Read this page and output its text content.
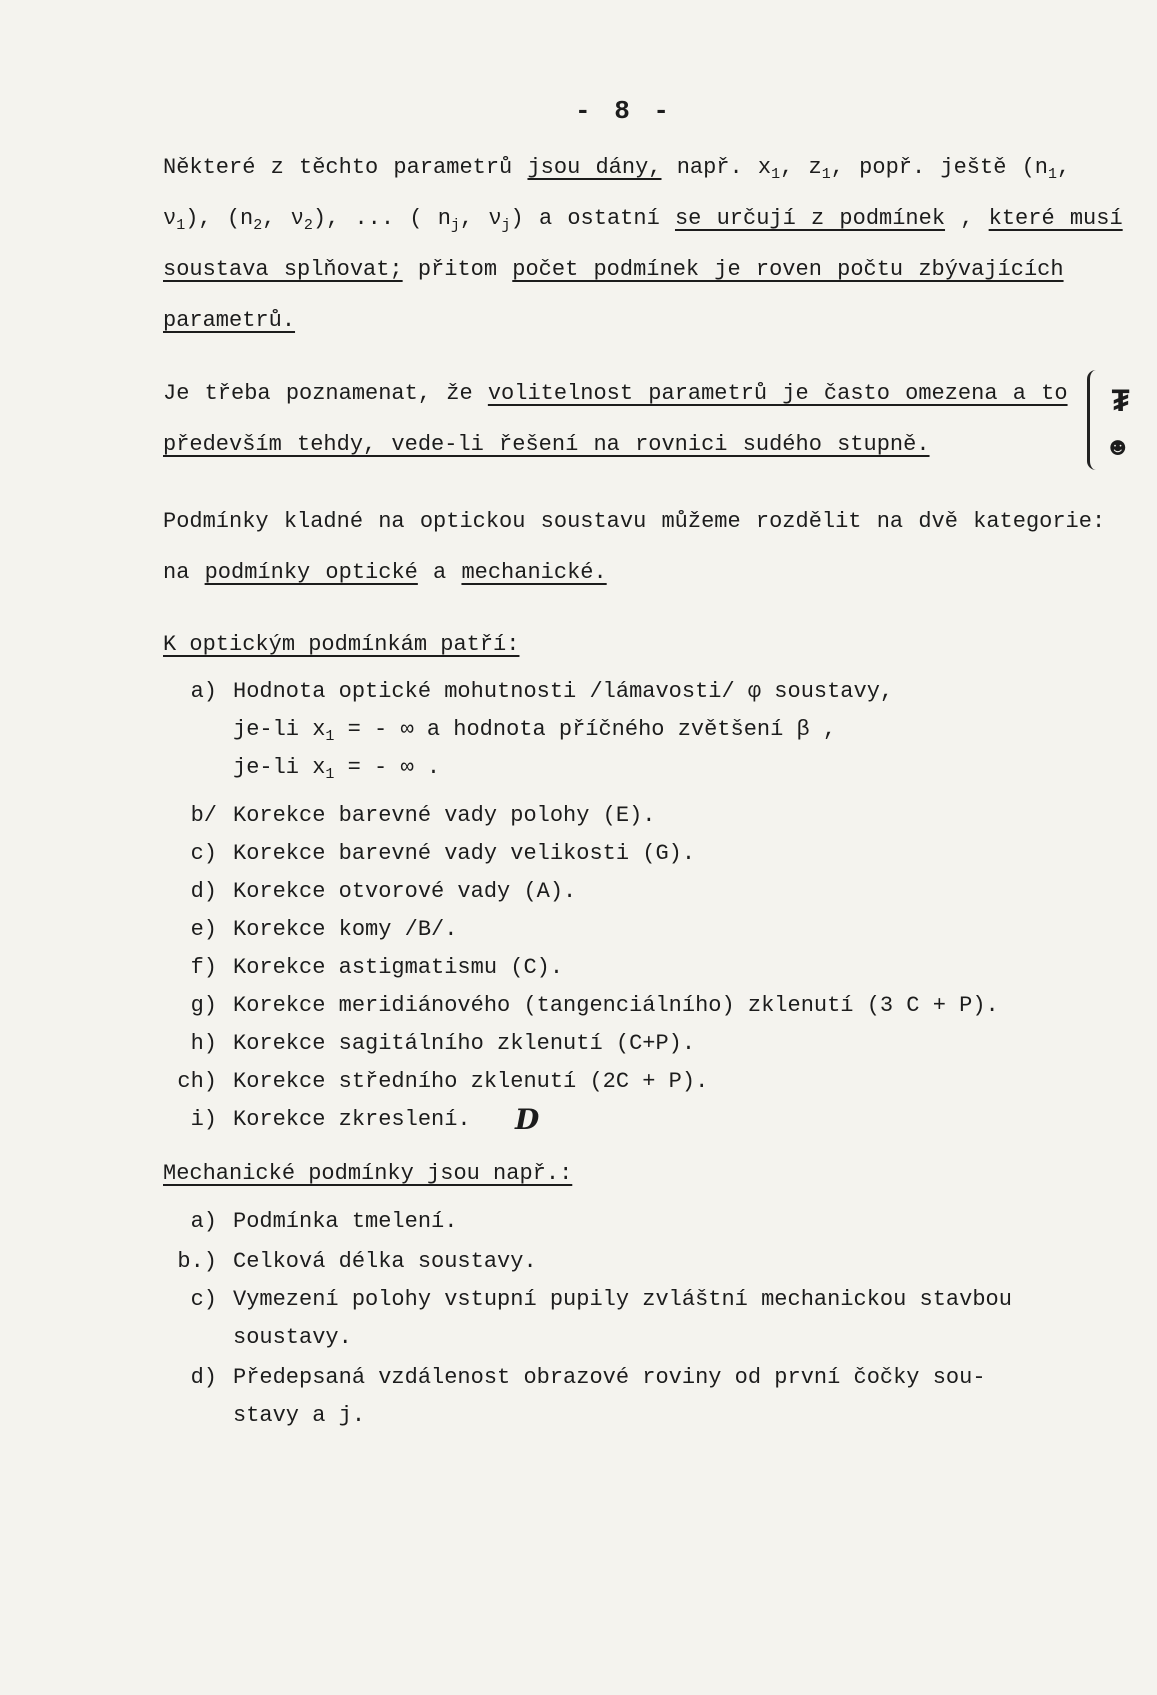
- 8 -
Některé z těchto parametrů jsou dány, např. $x_1$, $z_1$, popř. ještě ($n_1$, $\nu_1$), ($n_2$, $\nu_2$), ... ( $n_j$, $\nu_j$) a ostatní se určují z podmínek , které musí soustava splňovat; přitom počet podmínek je roven počtu zbývajících parametrů.
Je třeba poznamenat, že volitelnost parametrů je často omezena a to především tehdy, vede-li řešení na rovnici sudého stupně.
₮
☻
Podmínky kladné na optickou soustavu můžeme rozdělit na dvě kategorie: na podmínky optické a mechanické.
K optickým podmínkám patří:
a) Hodnota optické mohutnosti /lámavosti/ φ soustavy,
je-li $x_1$ = - ∞ a hodnota příčného zvětšení β ,
je-li $x_1$ = - ∞ .
b/ Korekce barevné vady polohy (E).
c) Korekce barevné vady velikosti (G).
d) Korekce otvorové vady (A).
e) Korekce komy /B/.
f) Korekce astigmatismu (C).
g) Korekce meridiánového (tangenciálního) zklenutí (3 C + P).
h) Korekce sagitálního zklenutí (C+P).
ch) Korekce středního zklenutí (2C + P).
i) Korekce zkreslení. D
Mechanické podmínky jsou např.:
a) Podmínka tmelení.
b.) Celková délka soustavy.
c) Vymezení polohy vstupní pupily zvláštní mechanickou stavbou
soustavy.
d) Předepsaná vzdálenost obrazové roviny od první čočky sou-
stavy a j.
